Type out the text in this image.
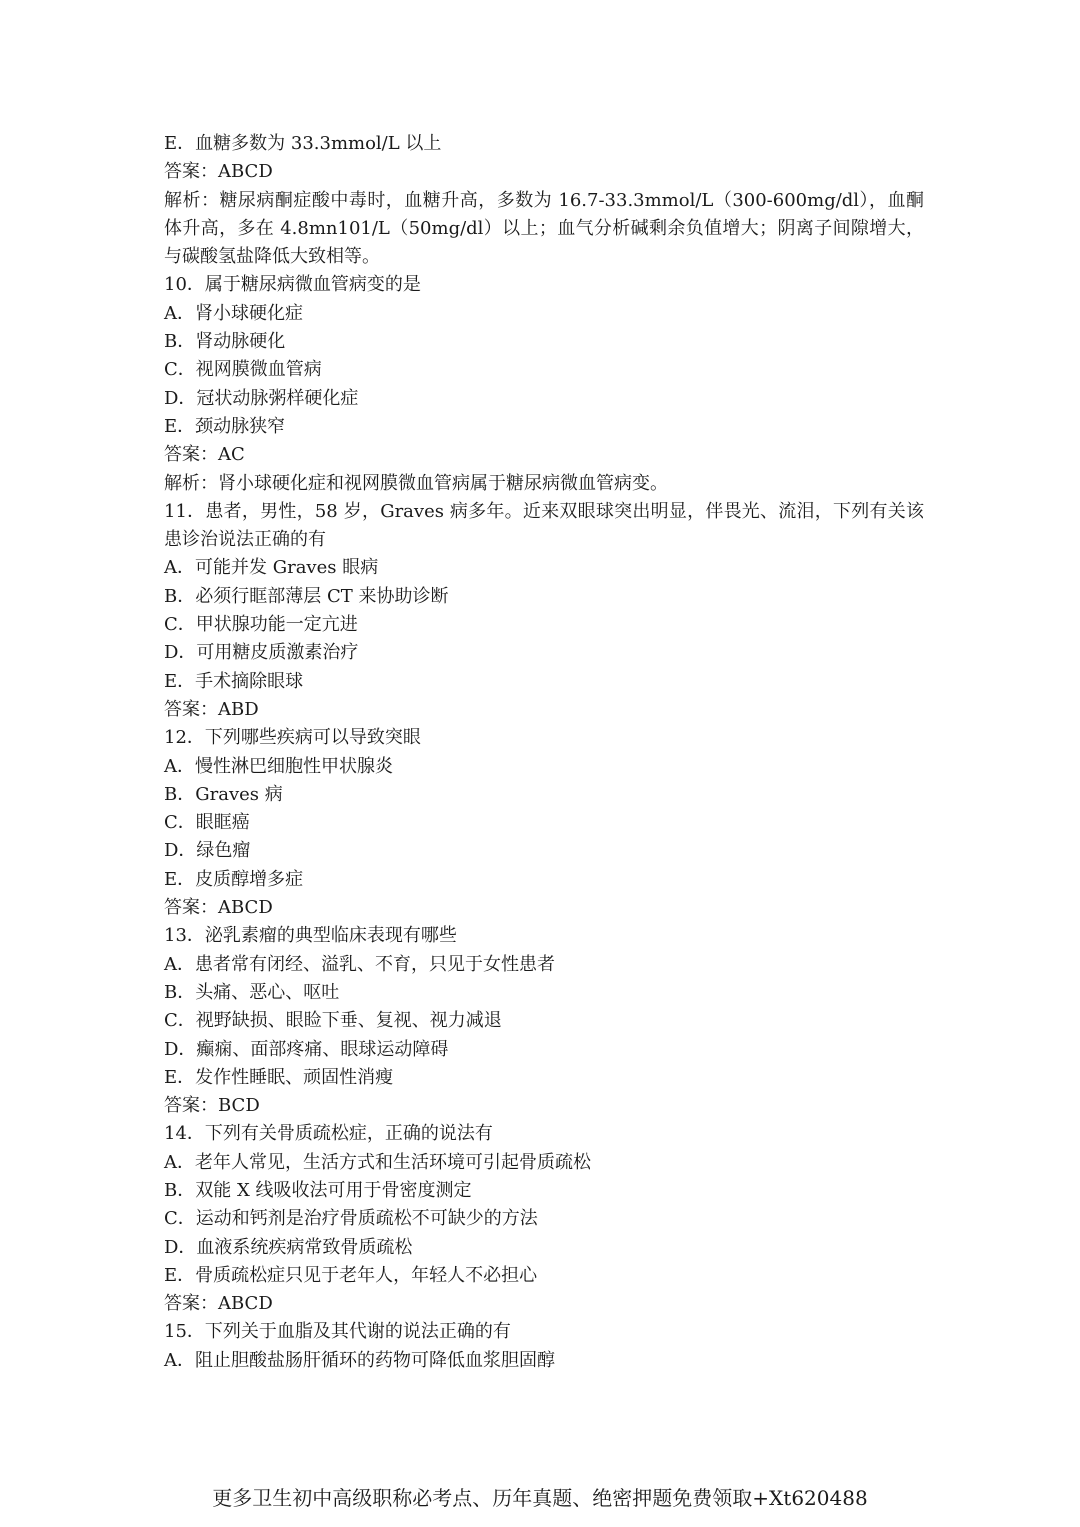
E．血糖多数为 33.3mmol/L 以上
答案：ABCD
解析：糖尿病酮症酸中毒时，血糖升高，多数为 16.7-33.3mmol/L（300-600mg/dl），血酮体升高，多在 4.8mn101/L（50mg/dl）以上；血气分析碱剩余负值增大；阴离子间隙增大，与碳酸氢盐降低大致相等。
10．属于糖尿病微血管病变的是
A．肾小球硬化症
B．肾动脉硬化
C．视网膜微血管病
D．冠状动脉粥样硬化症
E．颈动脉狭窄
答案：AC
解析：肾小球硬化症和视网膜微血管病属于糖尿病微血管病变。
11．患者，男性，58 岁，Graves 病多年。近来双眼球突出明显，伴畏光、流泪，下列有关该患诊治说法正确的有
A．可能并发 Graves 眼病
B．必须行眶部薄层 CT 来协助诊断
C．甲状腺功能一定亢进
D．可用糖皮质激素治疗
E．手术摘除眼球
答案：ABD
12．下列哪些疾病可以导致突眼
A．慢性淋巴细胞性甲状腺炎
B．Graves 病
C．眼眶癌
D．绿色瘤
E．皮质醇增多症
答案：ABCD
13．泌乳素瘤的典型临床表现有哪些
A．患者常有闭经、溢乳、不育，只见于女性患者
B．头痛、恶心、呕吐
C．视野缺损、眼睑下垂、复视、视力减退
D．癫痫、面部疼痛、眼球运动障碍
E．发作性睡眠、顽固性消瘦
答案：BCD
14．下列有关骨质疏松症，正确的说法有
A．老年人常见，生活方式和生活环境可引起骨质疏松
B．双能 X 线吸收法可用于骨密度测定
C．运动和钙剂是治疗骨质疏松不可缺少的方法
D．血液系统疾病常致骨质疏松
E．骨质疏松症只见于老年人，年轻人不必担心
答案：ABCD
15．下列关于血脂及其代谢的说法正确的有
A．阻止胆酸盐肠肝循环的药物可降低血浆胆固醇
更多卫生初中高级职称必考点、历年真题、绝密押题免费领取+Xt620488
